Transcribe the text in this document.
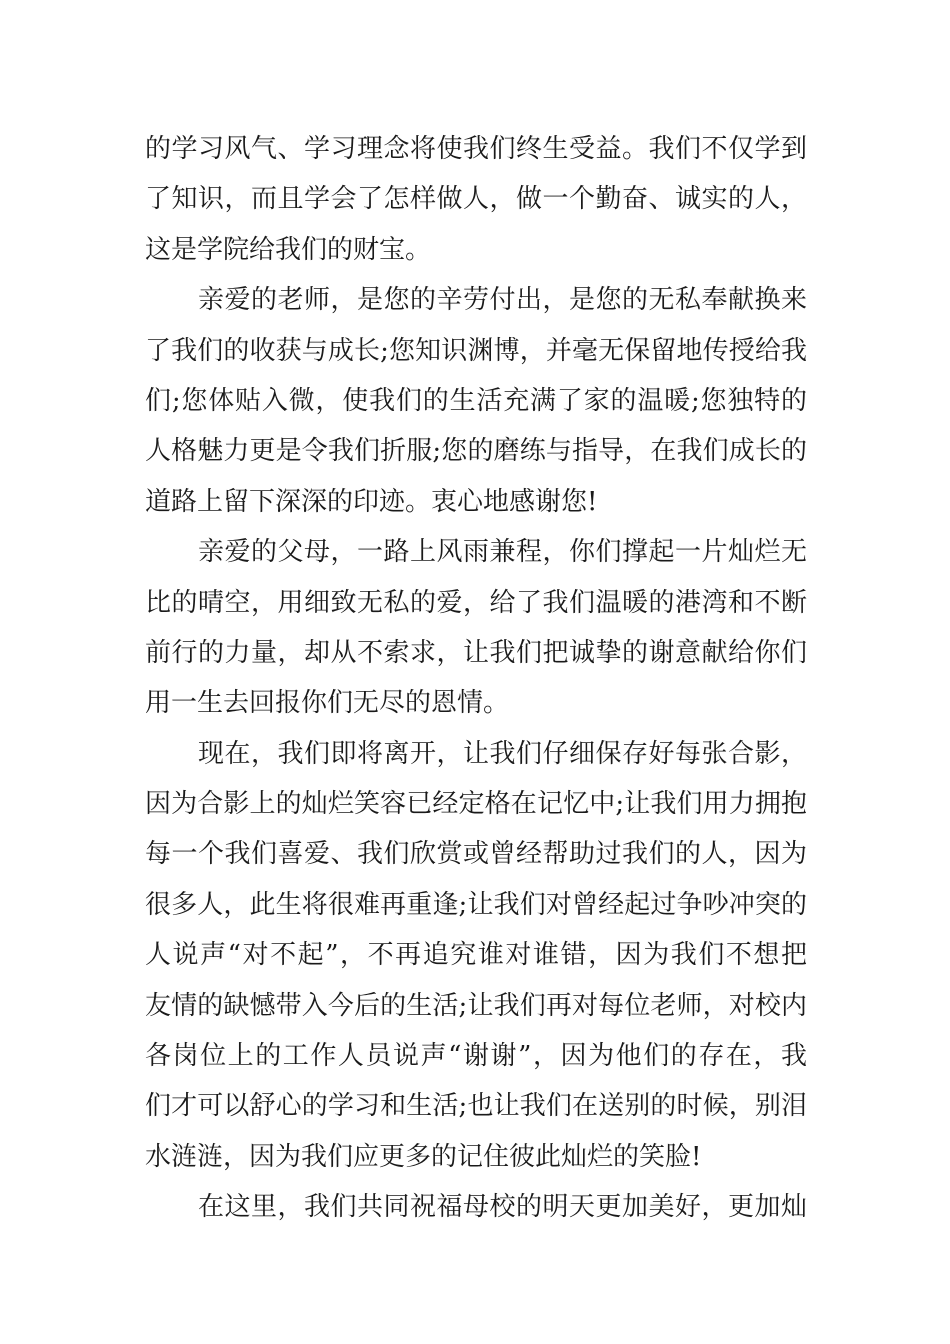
的学习风气、学习理念将使我们终生受益。我们不仅学到
了知识，而且学会了怎样做人，做一个勤奋、诚实的人，
这是学院给我们的财宝。
亲爱的老师，是您的辛劳付出，是您的无私奉献换来
了我们的收获与成长;您知识渊博，并毫无保留地传授给我
们;您体贴入微，使我们的生活充满了家的温暖;您独特的
人格魅力更是令我们折服;您的磨练与指导，在我们成长的
道路上留下深深的印迹。衷心地感谢您!
亲爱的父母，一路上风雨兼程，你们撑起一片灿烂无
比的晴空，用细致无私的爱，给了我们温暖的港湾和不断
前行的力量，却从不索求，让我们把诚挚的谢意献给你们
用一生去回报你们无尽的恩情。
现在，我们即将离开，让我们仔细保存好每张合影，
因为合影上的灿烂笑容已经定格在记忆中;让我们用力拥抱
每一个我们喜爱、我们欣赏或曾经帮助过我们的人，因为
很多人，此生将很难再重逢;让我们对曾经起过争吵冲突的
人说声“对不起”，不再追究谁对谁错，因为我们不想把
友情的缺憾带入今后的生活;让我们再对每位老师，对校内
各岗位上的工作人员说声“谢谢”，因为他们的存在，我
们才可以舒心的学习和生活;也让我们在送别的时候，别泪
水涟涟，因为我们应更多的记住彼此灿烂的笑脸!
在这里，我们共同祝福母校的明天更加美好，更加灿
